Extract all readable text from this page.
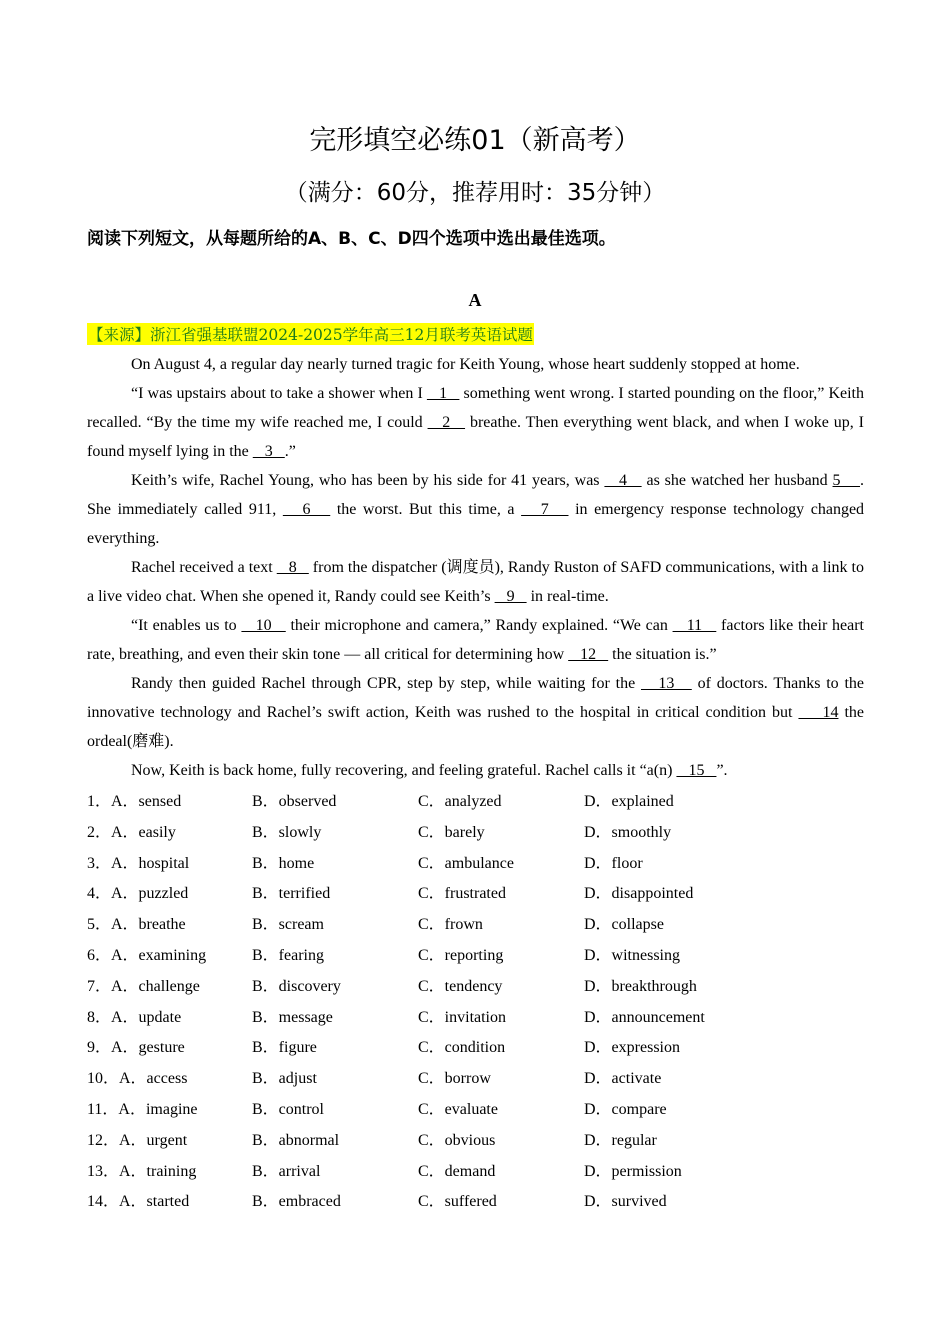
完形填空必练01（新高考）
（满分：60分，推荐用时：35分钟）
阅读下列短文，从每题所给的A、B、C、D四个选项中选出最佳选项。
A
【来源】浙江省强基联盟2024-2025学年高三12月联考英语试题

On August 4, a regular day nearly turned tragic for Keith Young, whose heart suddenly stopped at home.

“I was upstairs about to take a shower when I    1    something went wrong. I started pounding on the floor,” Keith recalled. “By the time my wife reached me, I could    2    breathe. Then everything went black, and when I woke up, I found myself lying in the    3   .”

Keith’s wife, Rachel Young, who has been by his side for 41 years, was    4    as she watched her husband 5    . She immediately called 911,    6    the worst. But this time, a    7    in emergency response technology changed everything.

Rachel received a text    8    from the dispatcher (调度员), Randy Ruston of SAFD communications, with a link to a live video chat. When she opened it, Randy could see Keith’s    9    in real-time.

“It enables us to    10    their microphone and camera,” Randy explained. “We can    11    factors like their heart rate, breathing, and even their skin tone — all critical for determining how    12    the situation is.”

Randy then guided Rachel through CPR, step by step, while waiting for the    13    of doctors. Thanks to the innovative technology and Rachel’s swift action, Keith was rushed to the hospital in critical condition but     14 the ordeal(磨难).

Now, Keith is back home, fully recovering, and feeling grateful. Rachel calls it “a(n)    15   ”.

1．A．sensed	B．observed	C．analyzed	D．explained
2．A．easily	B．slowly	C．barely	D．smoothly
3．A．hospital	B．home	C．ambulance	D．floor
4．A．puzzled	B．terrified	C．frustrated	D．disappointed
5．A．breathe	B．scream	C．frown	D．collapse
6．A．examining	B．fearing	C．reporting	D．witnessing
7．A．challenge	B．discovery	C．tendency	D．breakthrough
8．A．update	B．message	C．invitation	D．announcement
9．A．gesture	B．figure	C．condition	D．expression
10．A．access	B．adjust	C．borrow	D．activate
11．A．imagine	B．control	C．evaluate	D．compare
12．A．urgent	B．abnormal	C．obvious	D．regular
13．A．training	B．arrival	C．demand	D．permission
14．A．started	B．embraced	C．suffered	D．survived
